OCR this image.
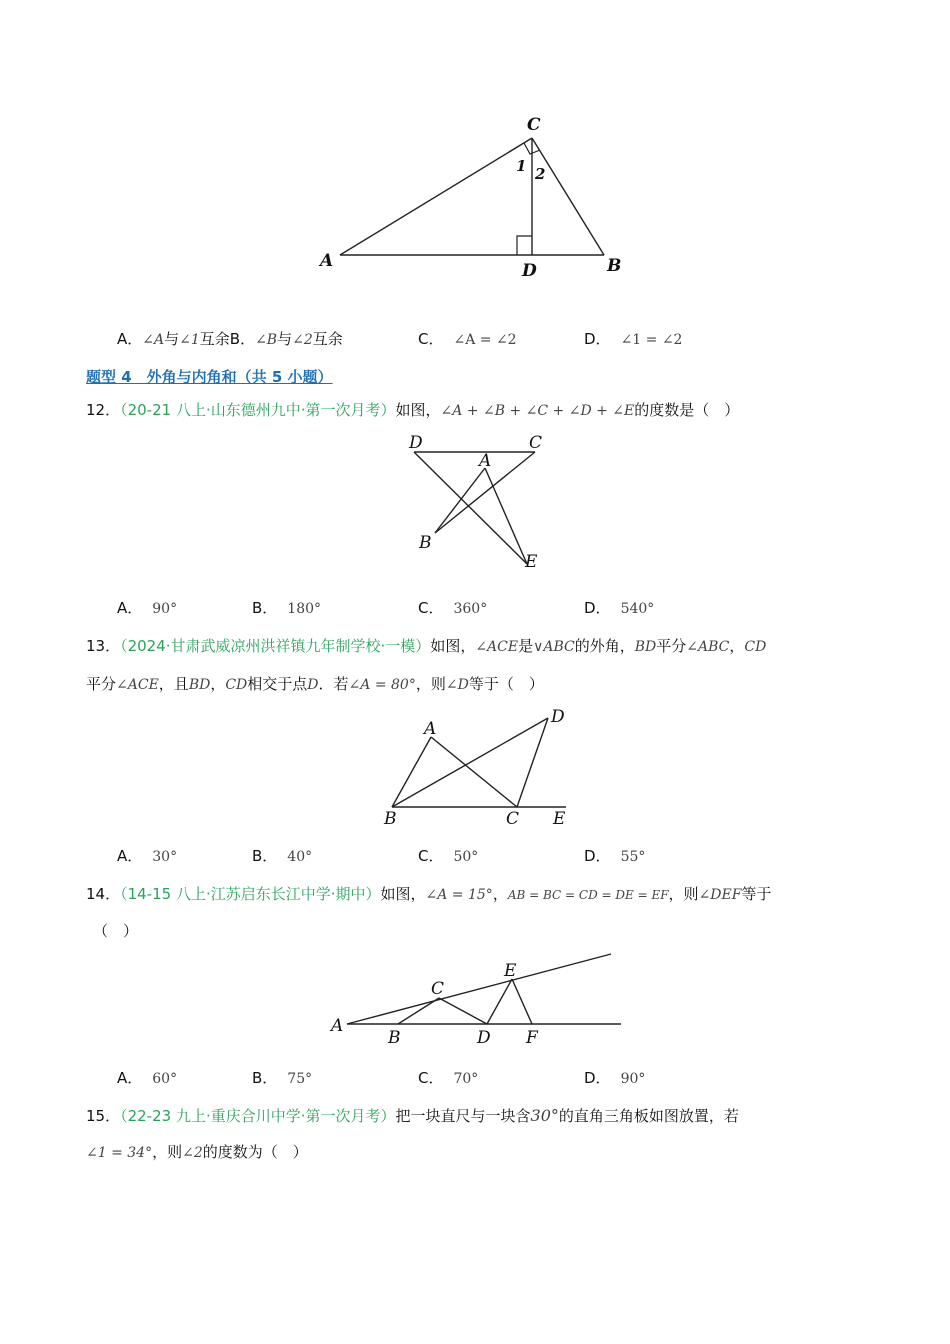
C
A	D	B
1 2
A．∠A与∠1互余B．∠B与∠2互余	C． ∠A = ∠2	D． ∠1 = ∠2
题型 4　外角与内角和（共 5 小题）
12．（20-21 八上·山东德州九中·第一次月考）如图，∠A + ∠B + ∠C + ∠D + ∠E的度数是（　）
D	C
A
B
E
A． 90°	B． 180°	C． 360°	D． 540°
13．（2024·甘肃武威凉州洪祥镇九年制学校·一模）如图，∠ACE是∨ABC的外角，BD平分∠ABC，CD
平分∠ACE，且BD，CD相交于点D．若∠A = 80°，则∠D等于（　）
A
D
B	C E
A． 30°	B． 40°	C． 50°	D． 55°
14．（14-15 八上·江苏启东长江中学·期中）如图，∠A = 15°，AB = BC = CD = DE = EF，则∠DEF等于
（　）
A
B
C
D
E
F
A． 60°	B． 75°	C． 70°	D． 90°
15．（22-23 九上·重庆合川中学·第一次月考）把一块直尺与一块含30°的直角三角板如图放置，若
∠1 = 34°，则∠2的度数为（　）
